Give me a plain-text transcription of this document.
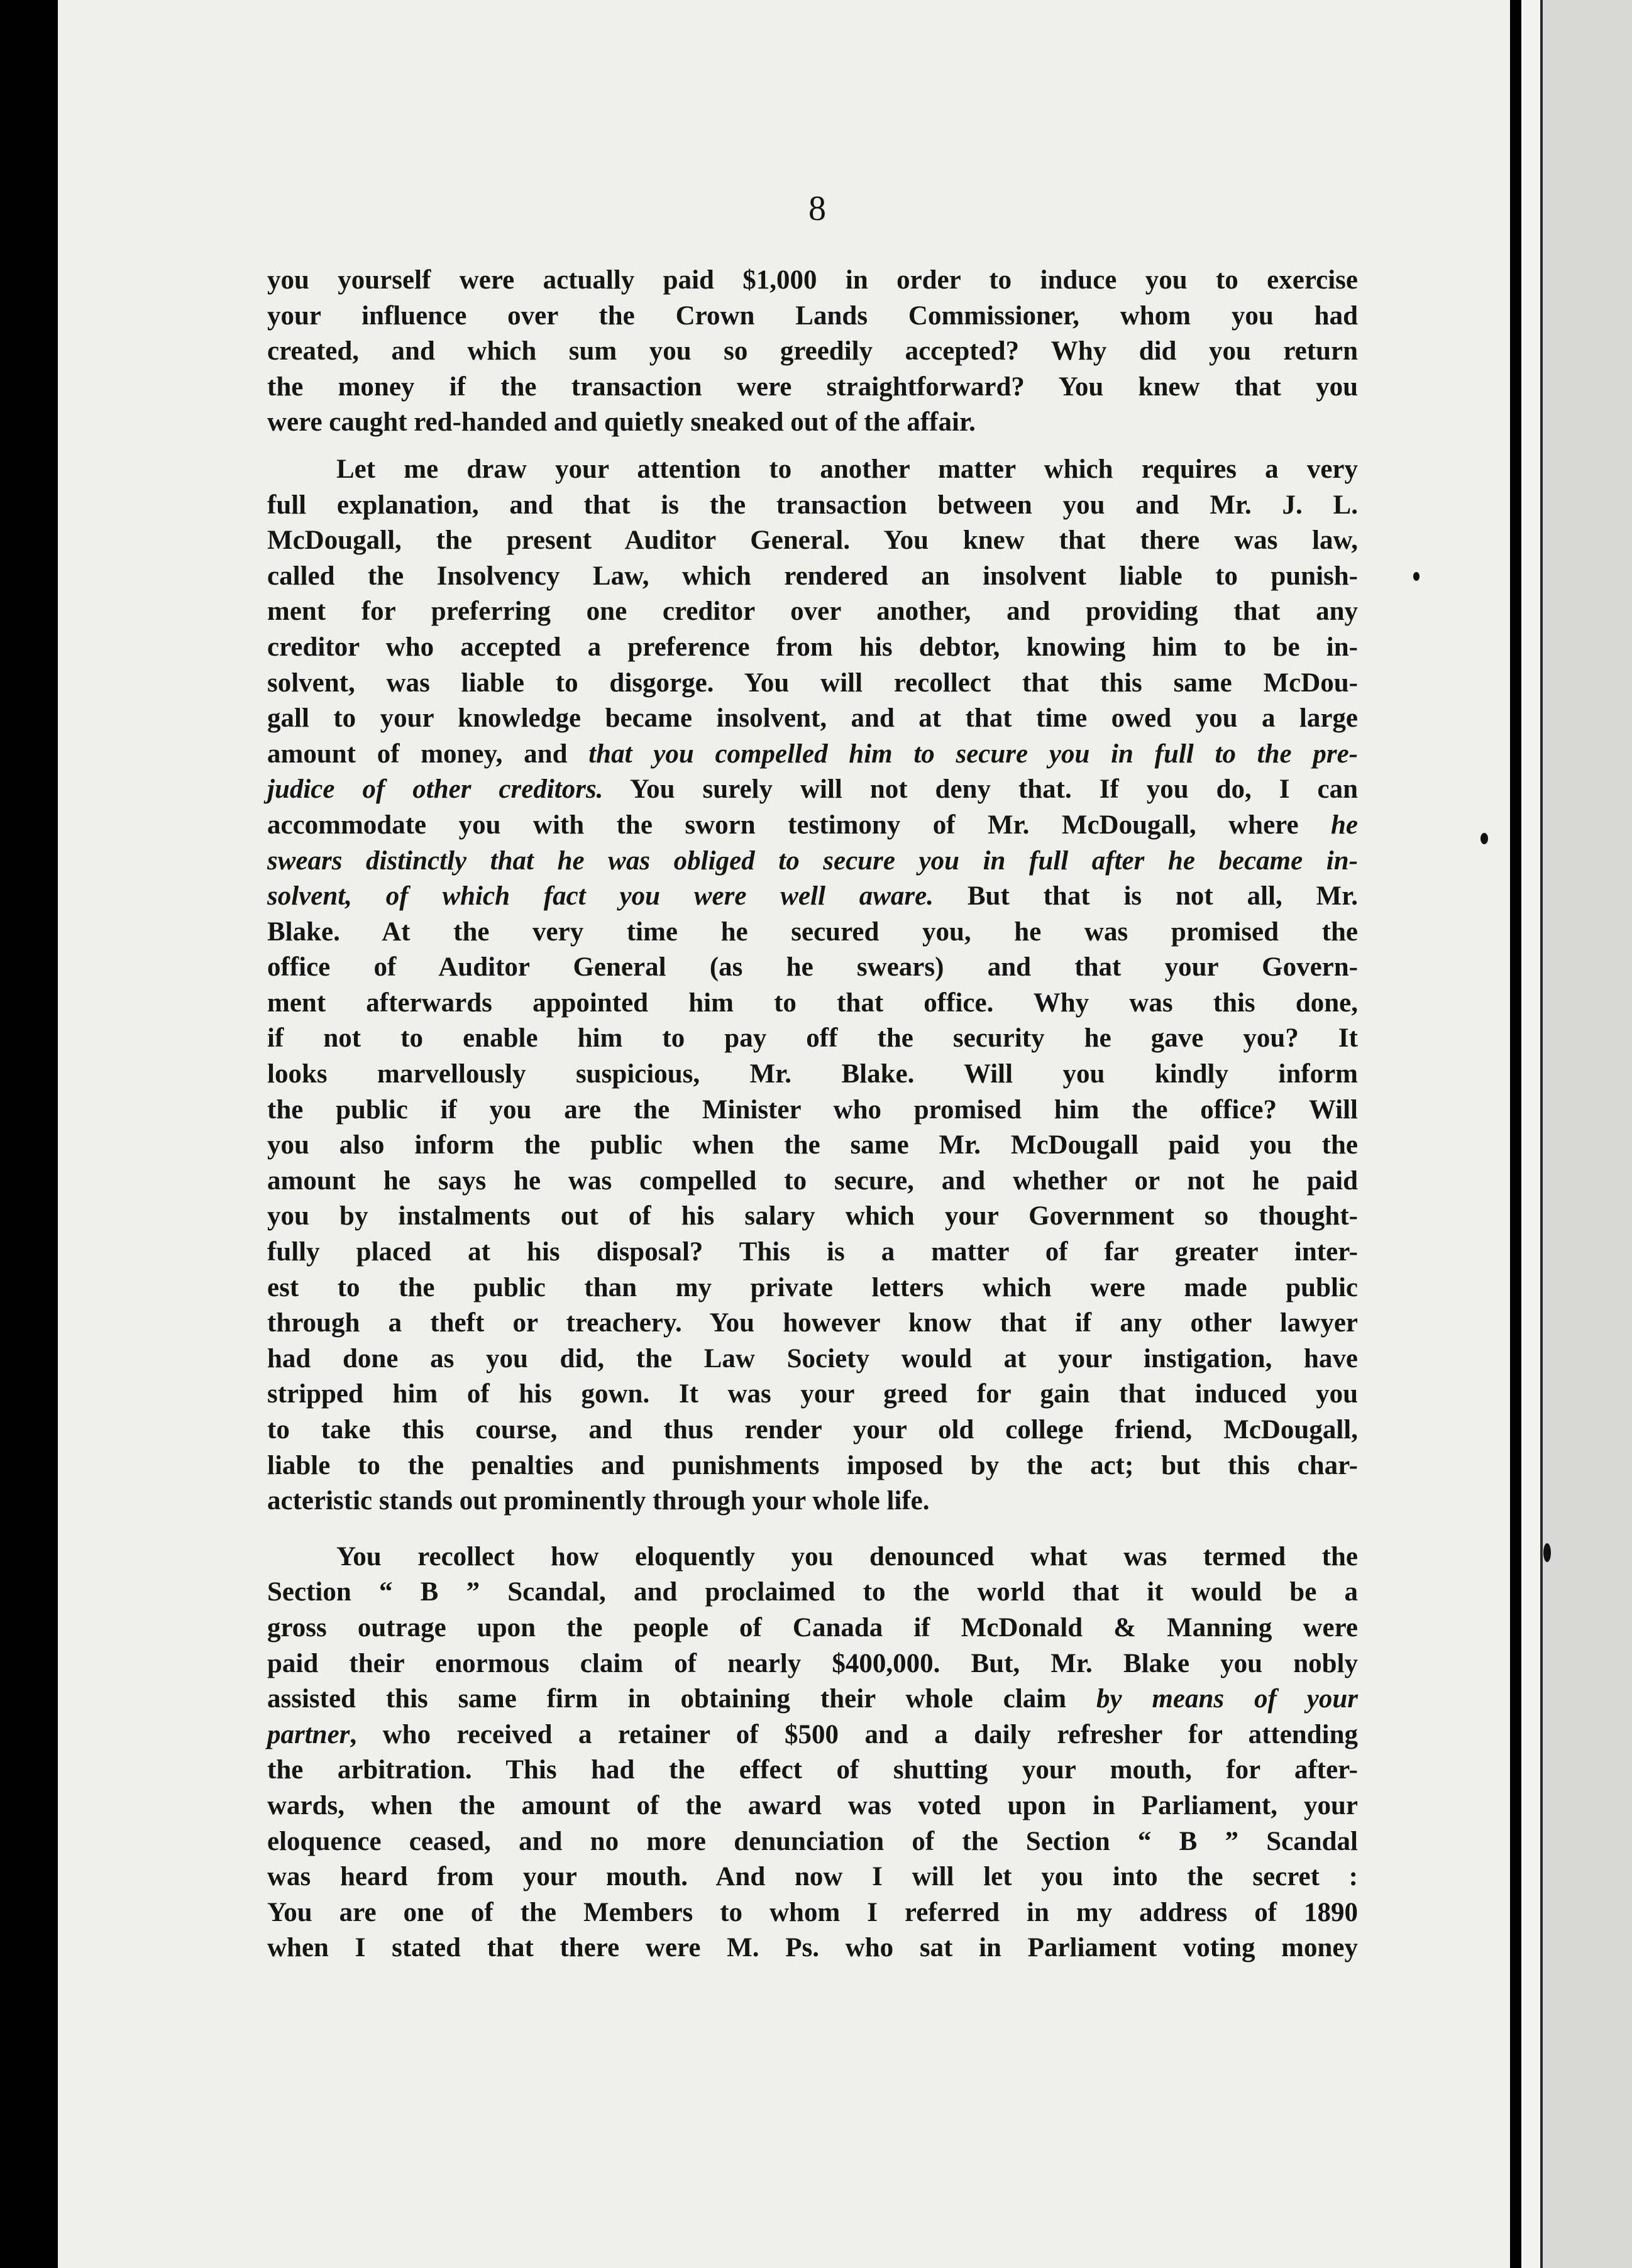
8

you yourself were actually paid $1,000 in order to induce you to exercise
your influence over the Crown Lands Commissioner, whom you had
created, and which sum you so greedily accepted? Why did you return
the money if the transaction were straightforward? You knew that you
were caught red-handed and quietly sneaked out of the affair.

Let me draw your attention to another matter which requires a very
full explanation, and that is the transaction between you and Mr. J. L.
McDougall, the present Auditor General. You knew that there was law,
called the Insolvency Law, which rendered an insolvent liable to punish-
ment for preferring one creditor over another, and providing that any
creditor who accepted a preference from his debtor, knowing him to be in-
solvent, was liable to disgorge. You will recollect that this same McDou-
gall to your knowledge became insolvent, and at that time owed you a large
amount of money, and that you compelled him to secure you in full to the pre-
judice of other creditors. You surely will not deny that. If you do, I can
accommodate you with the sworn testimony of Mr. McDougall, where he
swears distinctly that he was obliged to secure you in full after he became in-
solvent, of which fact you were well aware. But that is not all, Mr.
Blake. At the very time he secured you, he was promised the
office of Auditor General (as he swears) and that your Govern-
ment afterwards appointed him to that office. Why was this done,
if not to enable him to pay off the security he gave you? It
looks marvellously suspicious, Mr. Blake. Will you kindly inform
the public if you are the Minister who promised him the office? Will
you also inform the public when the same Mr. McDougall paid you the
amount he says he was compelled to secure, and whether or not he paid
you by instalments out of his salary which your Government so thought-
fully placed at his disposal? This is a matter of far greater inter-
est to the public than my private letters which were made public
through a theft or treachery. You however know that if any other lawyer
had done as you did, the Law Society would at your instigation, have
stripped him of his gown. It was your greed for gain that induced you
to take this course, and thus render your old college friend, McDougall,
liable to the penalties and punishments imposed by the act; but this char-
acteristic stands out prominently through your whole life.

You recollect how eloquently you denounced what was termed the
Section “ B ” Scandal, and proclaimed to the world that it would be a
gross outrage upon the people of Canada if McDonald & Manning were
paid their enormous claim of nearly $400,000. But, Mr. Blake you nobly
assisted this same firm in obtaining their whole claim by means of your
partner, who received a retainer of $500 and a daily refresher for attending
the arbitration. This had the effect of shutting your mouth, for after-
wards, when the amount of the award was voted upon in Parliament, your
eloquence ceased, and no more denunciation of the Section “ B ” Scandal
was heard from your mouth. And now I will let you into the secret :
You are one of the Members to whom I referred in my address of 1890
when I stated that there were M. Ps. who sat in Parliament voting money
